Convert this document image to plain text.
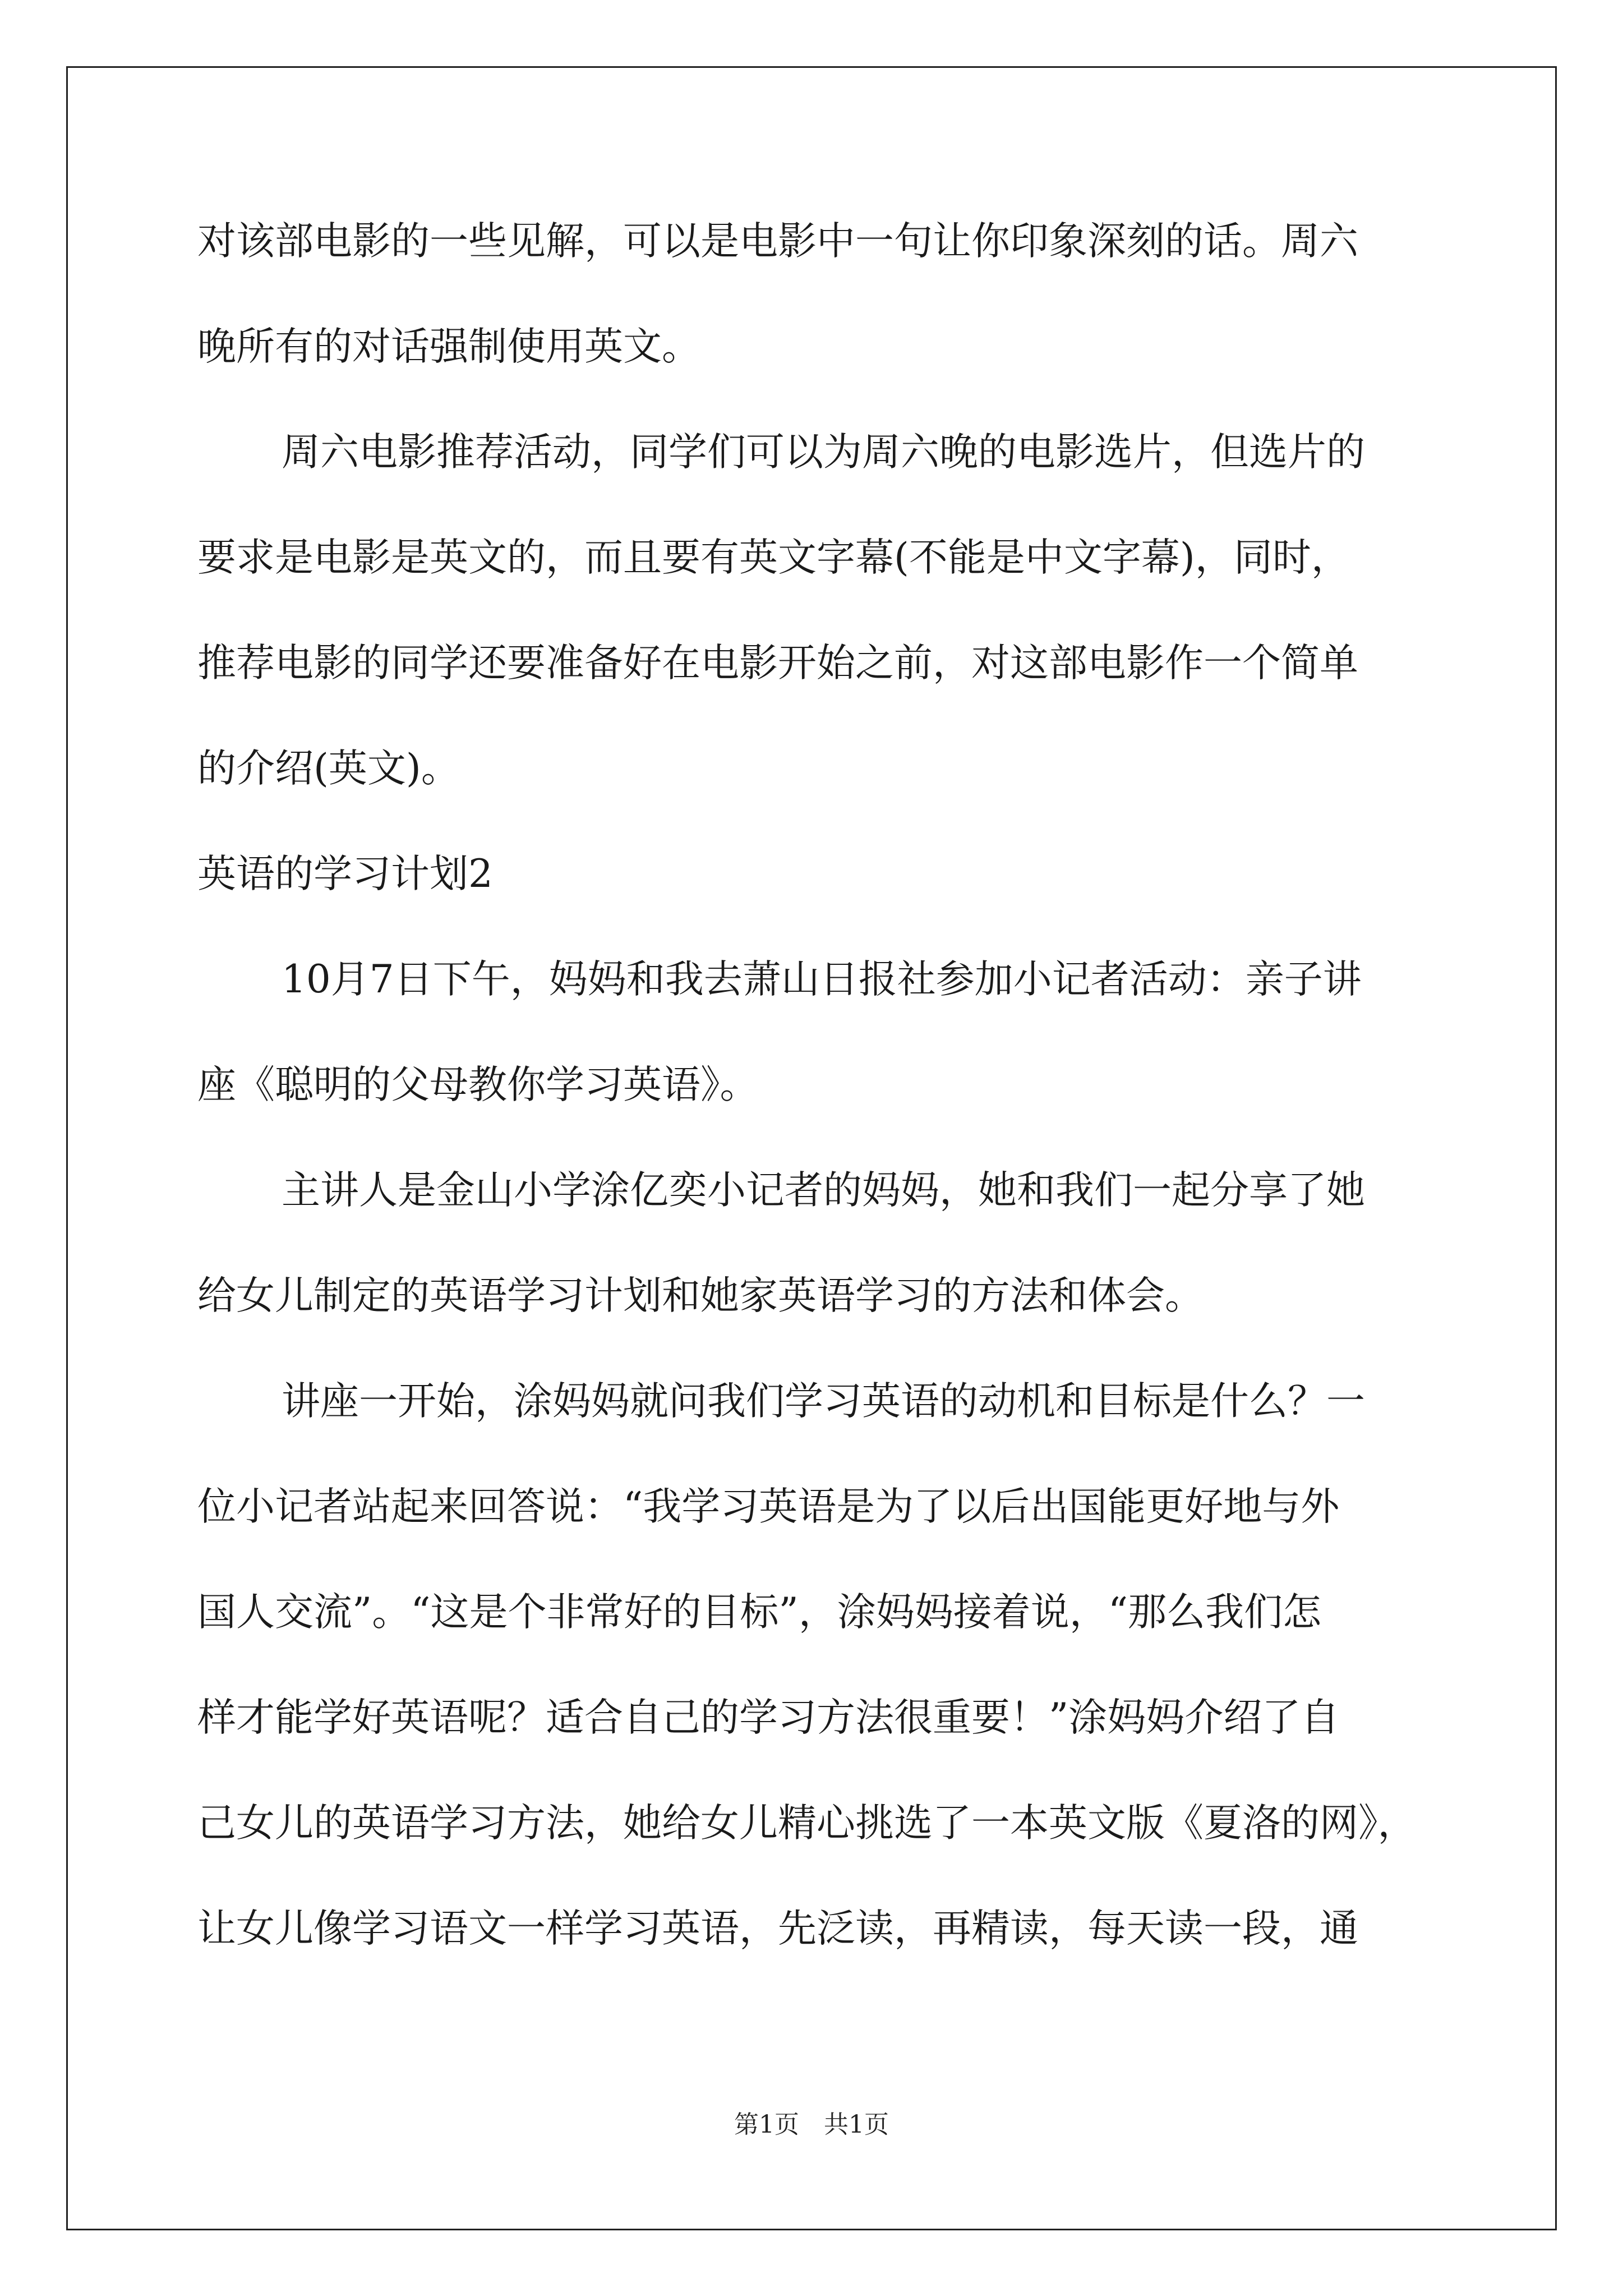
对该部电影的一些见解，可以是电影中一句让你印象深刻的话。周六
晚所有的对话强制使用英文。
周六电影推荐活动，同学们可以为周六晚的电影选片，但选片的
要求是电影是英文的，而且要有英文字幕(不能是中文字幕)，同时，
推荐电影的同学还要准备好在电影开始之前，对这部电影作一个简单
的介绍(英文)。
英语的学习计划2
10月7日下午，妈妈和我去萧山日报社参加小记者活动：亲子讲
座《聪明的父母教你学习英语》。
主讲人是金山小学涂亿奕小记者的妈妈，她和我们一起分享了她
给女儿制定的英语学习计划和她家英语学习的方法和体会。
讲座一开始，涂妈妈就问我们学习英语的动机和目标是什么？一
位小记者站起来回答说：“我学习英语是为了以后出国能更好地与外
国人交流”。“这是个非常好的目标”，涂妈妈接着说，“那么我们怎
样才能学好英语呢？适合自己的学习方法很重要！”涂妈妈介绍了自
己女儿的英语学习方法，她给女儿精心挑选了一本英文版《夏洛的网》，
让女儿像学习语文一样学习英语，先泛读，再精读，每天读一段，通
第1页　共1页
